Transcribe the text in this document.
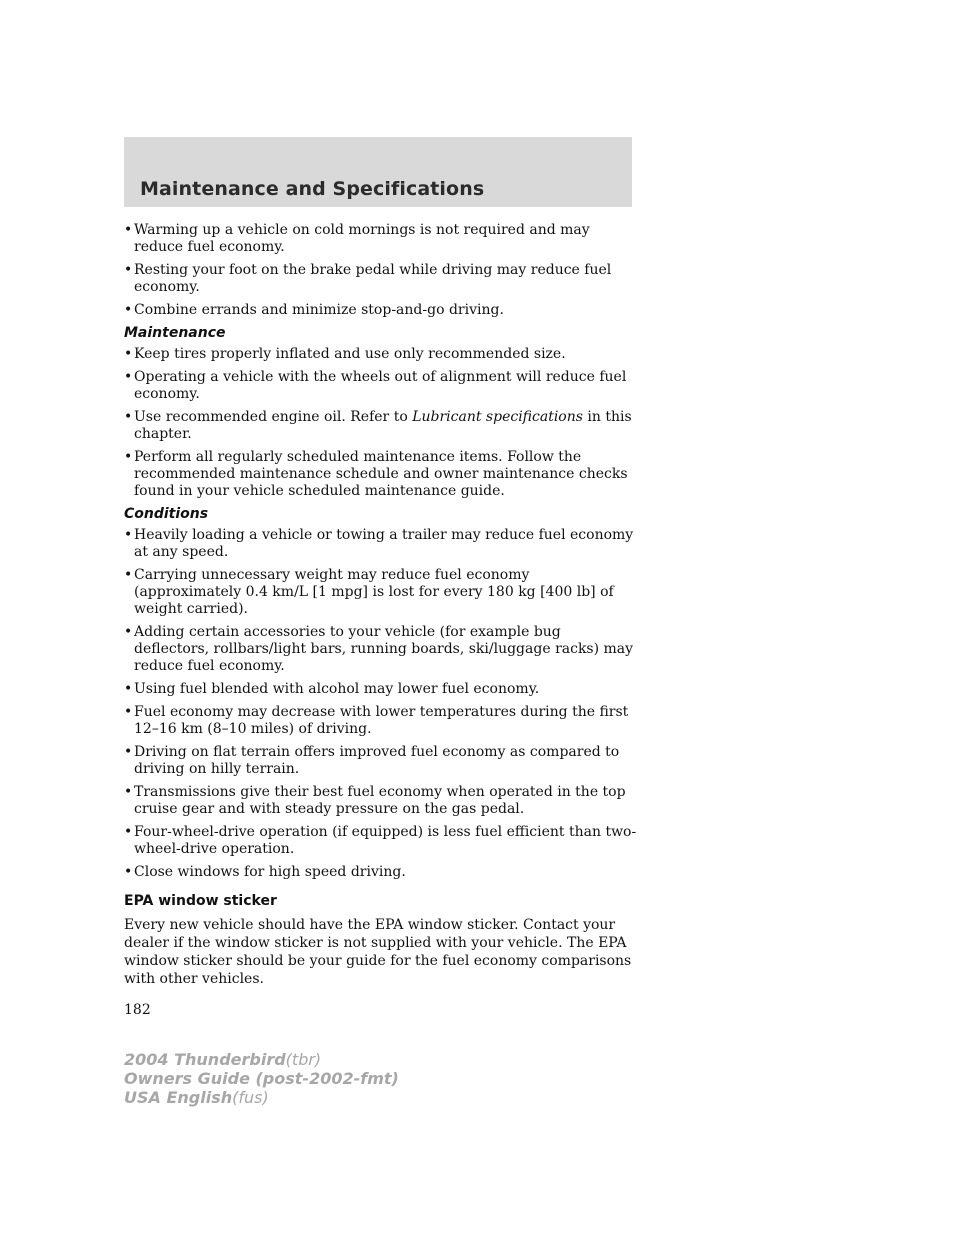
Maintenance and Specifications
• Warming up a vehicle on cold mornings is not required and may reduce fuel economy.
• Resting your foot on the brake pedal while driving may reduce fuel economy.
• Combine errands and minimize stop-and-go driving.
Maintenance
• Keep tires properly inflated and use only recommended size.
• Operating a vehicle with the wheels out of alignment will reduce fuel economy.
• Use recommended engine oil. Refer to Lubricant specifications in this chapter.
• Perform all regularly scheduled maintenance items. Follow the recommended maintenance schedule and owner maintenance checks found in your vehicle scheduled maintenance guide.
Conditions
• Heavily loading a vehicle or towing a trailer may reduce fuel economy at any speed.
• Carrying unnecessary weight may reduce fuel economy (approximately 0.4 km/L [1 mpg] is lost for every 180 kg [400 lb] of weight carried).
• Adding certain accessories to your vehicle (for example bug deflectors, rollbars/light bars, running boards, ski/luggage racks) may reduce fuel economy.
• Using fuel blended with alcohol may lower fuel economy.
• Fuel economy may decrease with lower temperatures during the first 12–16 km (8–10 miles) of driving.
• Driving on flat terrain offers improved fuel economy as compared to driving on hilly terrain.
• Transmissions give their best fuel economy when operated in the top cruise gear and with steady pressure on the gas pedal.
• Four-wheel-drive operation (if equipped) is less fuel efficient than two-wheel-drive operation.
• Close windows for high speed driving.
EPA window sticker

Every new vehicle should have the EPA window sticker. Contact your dealer if the window sticker is not supplied with your vehicle. The EPA window sticker should be your guide for the fuel economy comparisons with other vehicles.

182
2004 Thunderbird(tbr)
Owners Guide (post-2002-fmt)
USA English(fus)
